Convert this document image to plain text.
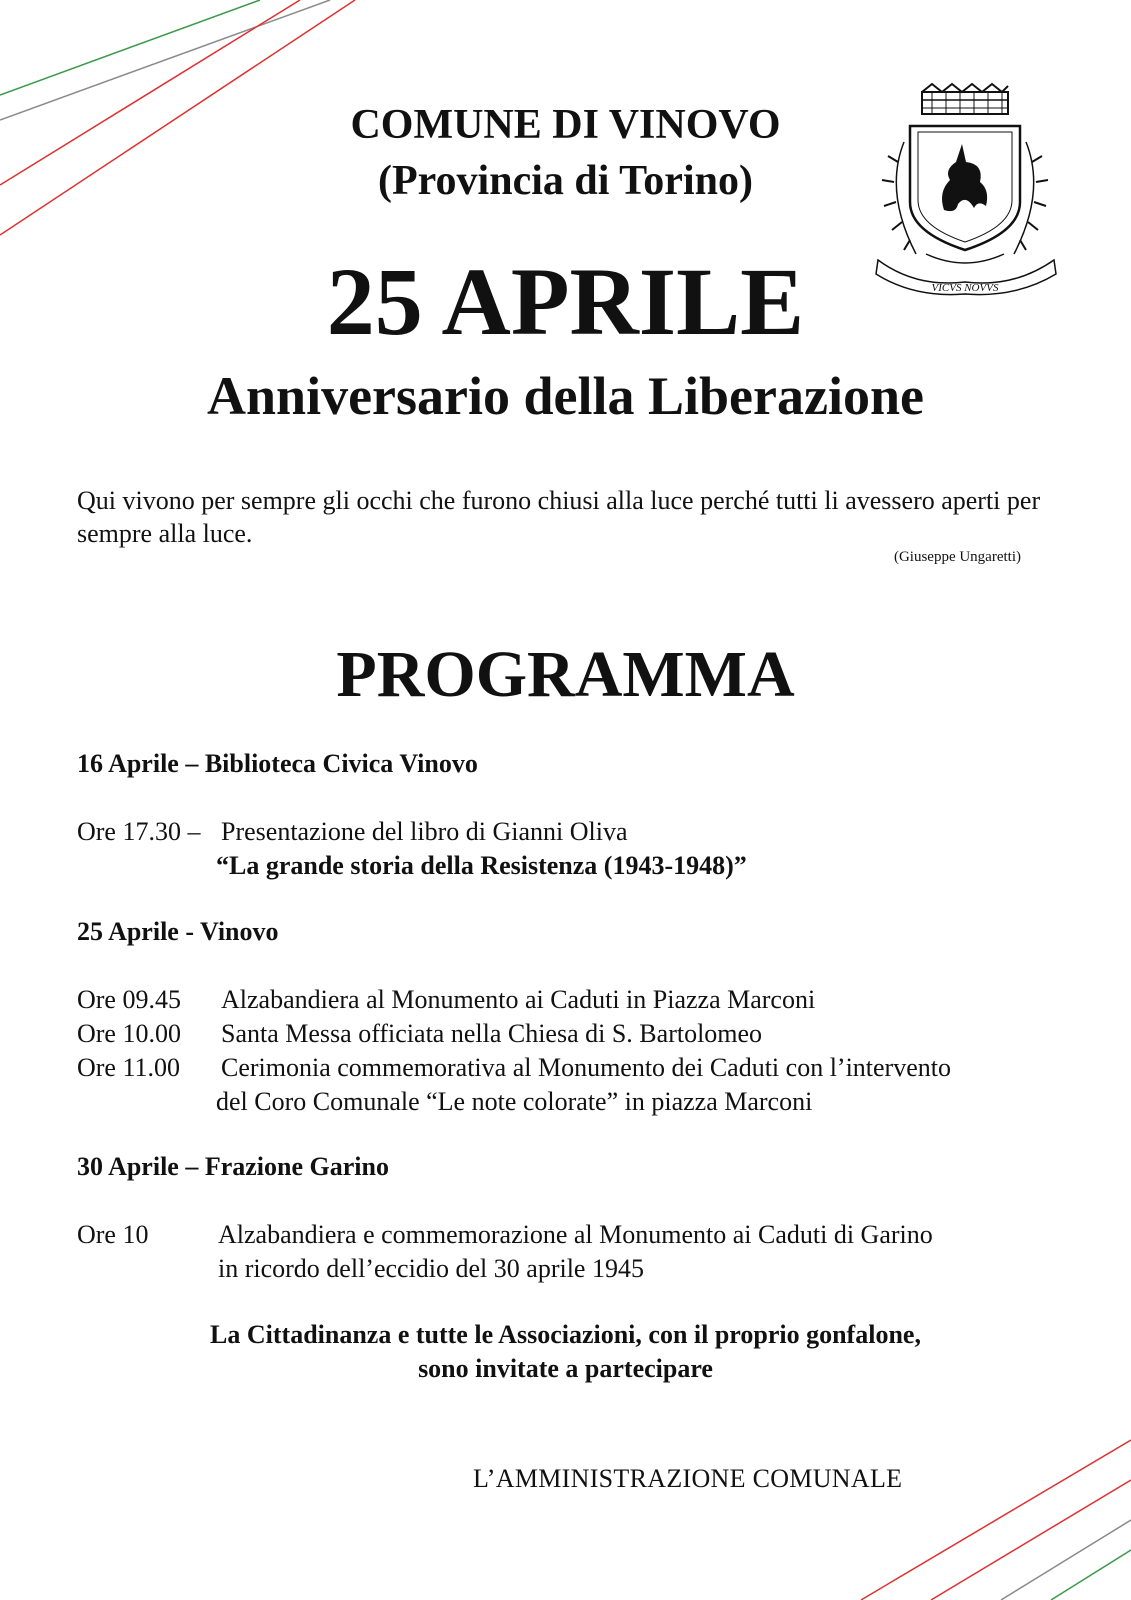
VICVS NOVVS
COMUNE DI VINOVO
(Provincia di Torino)
25 APRILE
Anniversario della Liberazione
Qui vivono per sempre gli occhi che furono chiusi alla luce perché tutti li avessero aperti per sempre alla luce.
(Giuseppe Ungaretti)
PROGRAMMA
16 Aprile – Biblioteca Civica Vinovo
Ore 17.30 – Presentazione del libro di Gianni Oliva
“La grande storia della Resistenza (1943-1948)”
25 Aprile - Vinovo
Ore 09.45 Alzabandiera al Monumento ai Caduti in Piazza Marconi
Ore 10.00 Santa Messa officiata nella Chiesa di S. Bartolomeo
Ore 11.00 Cerimonia commemorativa al Monumento dei Caduti con l’intervento
del Coro Comunale “Le note colorate” in piazza Marconi
30 Aprile – Frazione Garino
Ore 10	Alzabandiera e commemorazione al Monumento ai Caduti di Garino
in ricordo dell’eccidio del 30 aprile 1945
La Cittadinanza e tutte le Associazioni, con il proprio gonfalone,
sono invitate a partecipare
L’AMMINISTRAZIONE COMUNALE
